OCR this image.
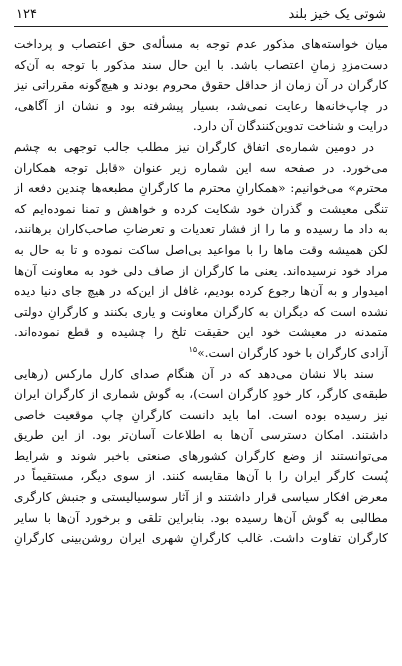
۱۲۴	شوتی یک خیز بلند
میان خواسته‌های مذکور عدم توجه به مسأله‌ی حق اعتصاب و پرداخت
دست‌مزدِ زمانِ اعتصاب باشد. با این حال سند مذکور با توجه به آن‌که
کارگران در آن زمان از حداقل حقوق محروم بودند و هیچ‌گونه مقرراتی نیز
در چاپ‌خانه‌ها رعایت نمی‌شد، بسیار پیشرفته بود و نشان از آگاهی،
درایت و شناخت تدوین‌کنندگان آن دارد.
در دومین شماره‌ی اتفاق کارگران نیز مطلب جالب توجهی به چشم
می‌خورد. در صفحه سه این شماره زیر عنوان «قابل توجه همکاران
محترم» می‌خوانیم: «همکارانِ محترم ما کارگرانِ مطبعه‌ها چندین دفعه از
تنگی معیشت و گذران خود شکایت کرده و خواهش و تمنا نموده‌ایم که
به داد ما رسیده و ما را از فشار تعدیات و تعرضاتِ صاحب‌کاران برهانند،
لکن همیشه وقت ماها را با مواعید بی‌اصل ساکت نموده و تا به حال به
مراد خود نرسیده‌اند. یعنی ما کارگران از صاف دلی خود به معاونت آن‌ها
امیدوار و به آن‌ها رجوع کرده بودیم، غافل از این‌که در هیچ جای دنیا دیده
نشده است که دیگران به کارگران معاونت و یاری بکنند و کارگرانِ دولتی
متمدنه در معیشت خود این حقیقت تلخ را چشیده و قطع نموده‌اند.
آزادی کارگران با خود کارگران است.»$^{۱۵}$
سند بالا نشان می‌دهد که در آن هنگام صدای کارل مارکس (رهایی
طبقه‌ی کارگر، کار خودِ کارگران است)، به گوش شماری از کارگران ایران
نیز رسیده بوده است. اما باید دانست کارگرانِ چاپ موقعیت خاصی
داشتند. امکان دسترسی آن‌ها به اطلاعات آسان‌تر بود. از این طریق
می‌توانستند از وضع کارگران کشورهای صنعتی باخبر شوند و شرایط
پُست کارگر ایران را با آن‌ها مقایسه کنند. از سوی دیگر، مستقیماً در
معرض افکار سیاسی قرار داشتند و از آثار سوسیالیستی و جنبش کارگری
مطالبی به گوش آن‌ها رسیده بود. بنابراین تلقی و برخورد آن‌ها با سایر
کارگران تفاوت داشت. غالب کارگرانِ شهری ایران روشن‌بینی کارگرانِ
